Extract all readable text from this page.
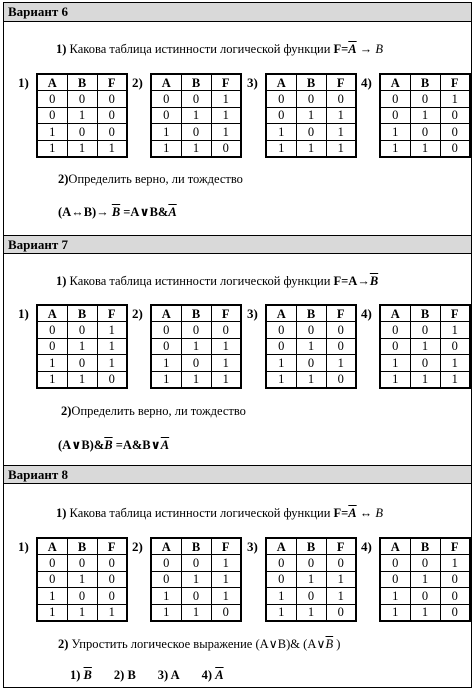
Вариант 6
1) Какова таблица истинности логической функции $F=\overline{A} \to B$
1)	A	B	F
0	0	0
0	1	0
1	0	0
1	1	1
2)	A	B	F
0	0	1
0	1	1
1	0	1
1	1	0
3)	A	B	F
0	0	0
0	1	1
1	0	1
1	1	1
4)	A	B	F
0	0	1
0	1	0
1	0	0
1	1	0
2)Определить верно, ли тождество
(A↔B)→ $\overline{B}$ $=A\vee B\&\overline{A}$
Вариант 7
1) Какова таблица истинности логической функции $F=A\to\overline{B}$
1)	A	B	F
0	0	1
0	1	1
1	0	1
1	1	0
2)	A	B	F
0	0	0
0	1	1
1	0	1
1	1	1
3)	A	B	F
0	0	0
0	1	0
1	0	1
1	1	0
4)	A	B	F
0	0	1
0	1	0
1	0	1
1	1	1
2)Определить верно, ли тождество
$(A\vee B)\&\overline{B}$ $=A\&B\vee\overline{A}$
Вариант 8
1) Какова таблица истинности логической функции $F=\overline{A}$ ↔ B
1)	A	B	F
0	0	0
0	1	0
1	0	0
1	1	1
2)	A	B	F
0	0	1
0	1	1
1	0	1
1	1	0
3)	A	B	F
0	0	0
0	1	1
1	0	1
1	1	0
4)	A	B	F
0	0	1
0	1	0
1	0	0
1	1	0
2) Упростить логическое выражение (A∨B)& ($A\vee\overline{B}$ )
1) $\overline{B}$ 2) B 3) A 4) $\overline{A}$
